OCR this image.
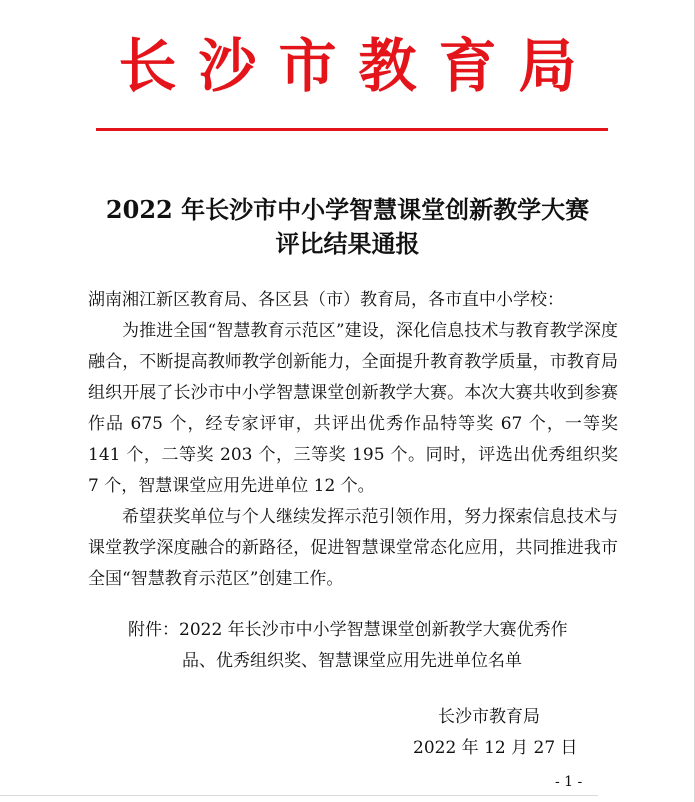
长沙市教育局
2022 年长沙市中小学智慧课堂创新教学大赛
评比结果通报

湖南湘江新区教育局、各区县（市）教育局，各市直中小学校：

为推进全国“智慧教育示范区”建设，深化信息技术与教育教学深度融合，不断提高教师教学创新能力，全面提升教育教学质量，市教育局组织开展了长沙市中小学智慧课堂创新教学大赛。本次大赛共收到参赛作品 675 个，经专家评审，共评出优秀作品特等奖 67 个，一等奖 141 个，二等奖 203 个，三等奖 195 个。同时，评选出优秀组织奖 7 个，智慧课堂应用先进单位 12 个。

希望获奖单位与个人继续发挥示范引领作用，努力探索信息技术与课堂教学深度融合的新路径，促进智慧课堂常态化应用，共同推进我市全国“智慧教育示范区”创建工作。

附件：2022 年长沙市中小学智慧课堂创新教学大赛优秀作
品、优秀组织奖、智慧课堂应用先进单位名单
长沙市教育局
2022 年 12 月 27 日
- 1 -
